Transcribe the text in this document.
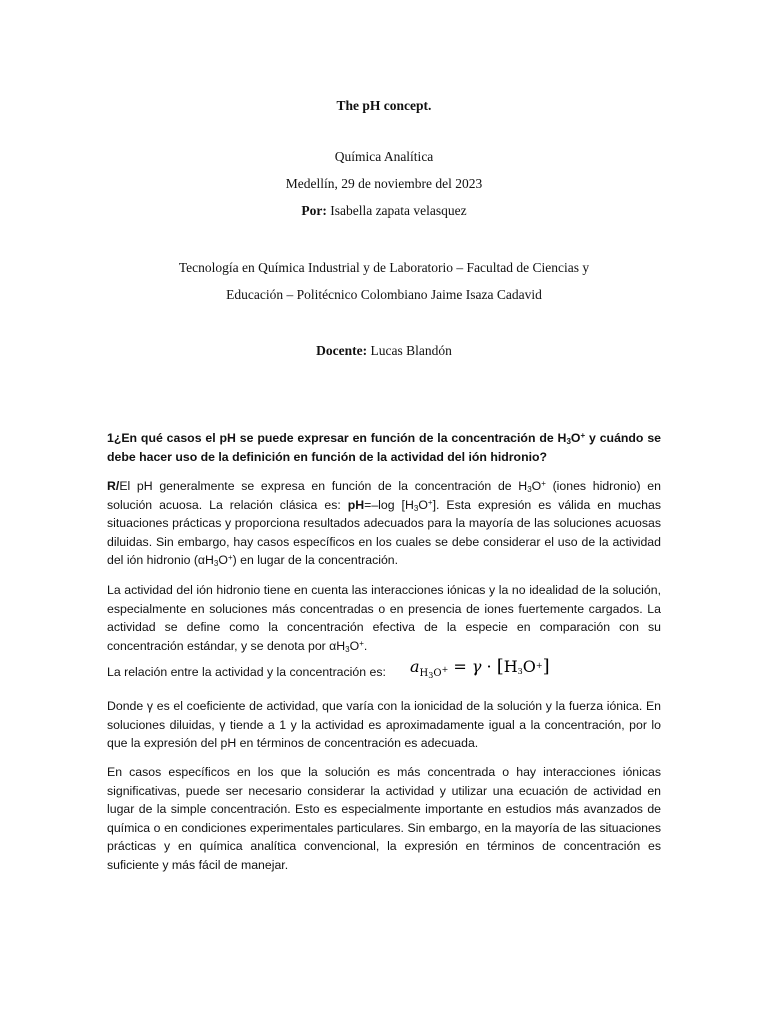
The pH concept.
Química Analítica
Medellín, 29 de noviembre del 2023
Por: Isabella zapata velasquez
Tecnología en Química Industrial y de Laboratorio – Facultad de Ciencias y
Educación – Politécnico Colombiano Jaime Isaza Cadavid
Docente: Lucas Blandón
1¿En qué casos el pH se puede expresar en función de la concentración de $H_3O^+$ y cuándo se debe hacer uso de la definición en función de la actividad del ión hidronio?
R/El pH generalmente se expresa en función de la concentración de $H_3O^+$ (iones hidronio) en solución acuosa. La relación clásica es: pH=–log $[H_3O^+]$. Esta expresión es válida en muchas situaciones prácticas y proporciona resultados adecuados para la mayoría de las soluciones acuosas diluidas. Sin embargo, hay casos específicos en los cuales se debe considerar el uso de la actividad del ión hidronio $(\alpha H_3O^+)$ en lugar de la concentración.
La actividad del ión hidronio tiene en cuenta las interacciones iónicas y la no idealidad de la solución, especialmente en soluciones más concentradas o en presencia de iones fuertemente cargados. La actividad se define como la concentración efectiva de la especie en comparación con su concentración estándar, y se denota por $\alpha H_3O^+$.
La relación entre la actividad y la concentración es: $a_{H_3O^+} = \gamma \cdot [H_3O^+]$
Donde γ es el coeficiente de actividad, que varía con la ionicidad de la solución y la fuerza iónica. En soluciones diluidas, γ tiende a 1 y la actividad es aproximadamente igual a la concentración, por lo que la expresión del pH en términos de concentración es adecuada.
En casos específicos en los que la solución es más concentrada o hay interacciones iónicas significativas, puede ser necesario considerar la actividad y utilizar una ecuación de actividad en lugar de la simple concentración. Esto es especialmente importante en estudios más avanzados de química o en condiciones experimentales particulares. Sin embargo, en la mayoría de las situaciones prácticas y en química analítica convencional, la expresión en términos de concentración es suficiente y más fácil de manejar.
